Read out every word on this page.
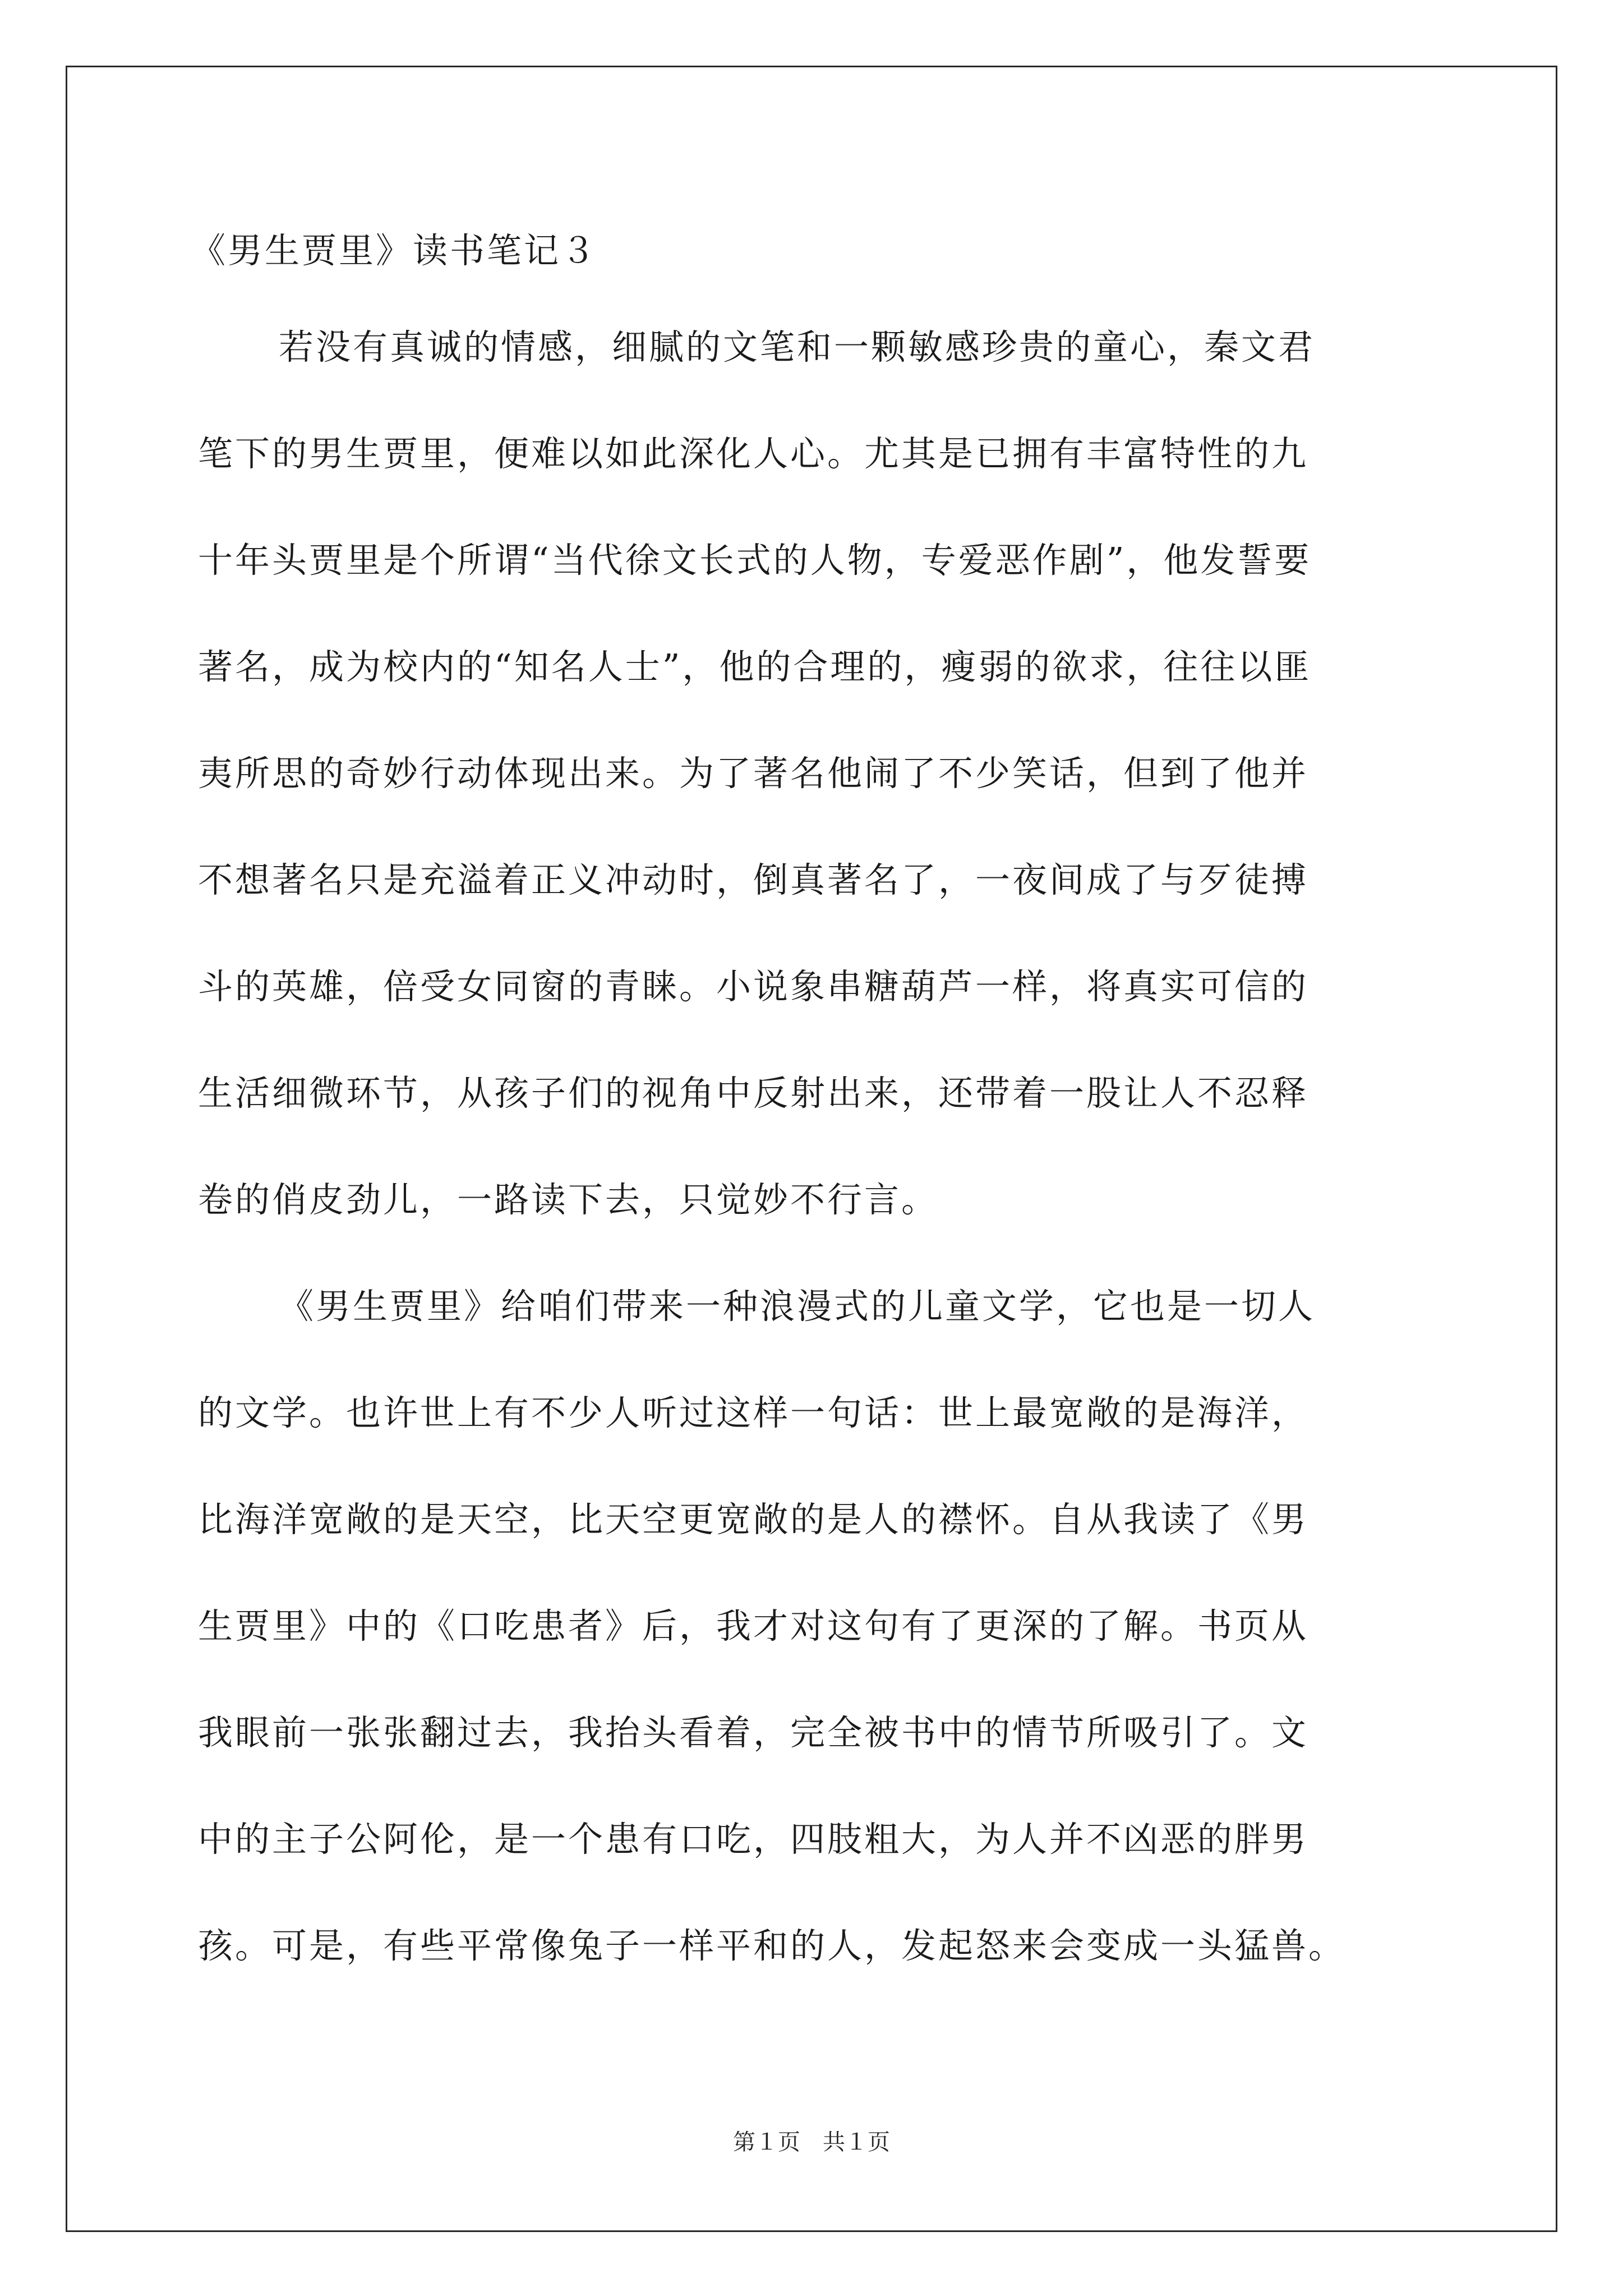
《男生贾里》读书笔记３
若没有真诚的情感，细腻的文笔和一颗敏感珍贵的童心，秦文君
笔下的男生贾里，便难以如此深化人心。尤其是已拥有丰富特性的九
十年头贾里是个所谓“当代徐文长式的人物，专爱恶作剧”，他发誓要
著名，成为校内的“知名人士”，他的合理的，瘦弱的欲求，往往以匪
夷所思的奇妙行动体现出来。为了著名他闹了不少笑话，但到了他并
不想著名只是充溢着正义冲动时，倒真著名了，一夜间成了与歹徒搏
斗的英雄，倍受女同窗的青睐。小说象串糖葫芦一样，将真实可信的
生活细微环节，从孩子们的视角中反射出来，还带着一股让人不忍释
卷的俏皮劲儿，一路读下去，只觉妙不行言。
《男生贾里》给咱们带来一种浪漫式的儿童文学，它也是一切人
的文学。也许世上有不少人听过这样一句话：世上最宽敞的是海洋，
比海洋宽敞的是天空，比天空更宽敞的是人的襟怀。自从我读了《男
生贾里》中的《口吃患者》后，我才对这句有了更深的了解。书页从
我眼前一张张翻过去，我抬头看着，完全被书中的情节所吸引了。文
中的主子公阿伦，是一个患有口吃，四肢粗大，为人并不凶恶的胖男
孩。可是，有些平常像兔子一样平和的人，发起怒来会变成一头猛兽。
第１页　共１页
